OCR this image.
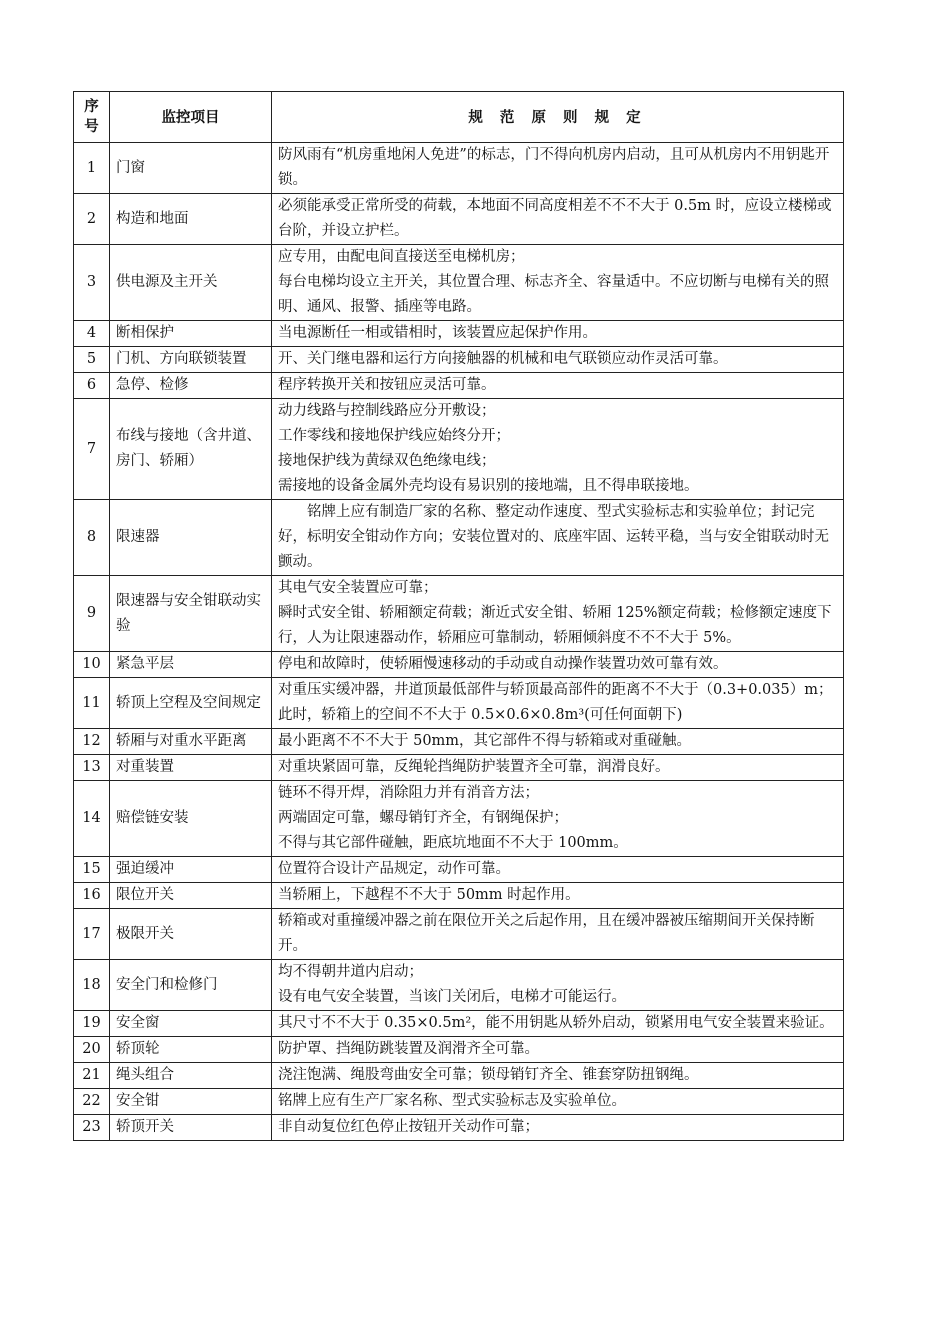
序号	监控项目	规 范 原 则 规 定
1	门窗	防风雨有“机房重地闲人免进”的标志，门不得向机房内启动，且可从机房内不用钥匙开锁。

2	构造和地面	必须能承受正常所受的荷载，本地面不同高度相差不不不大于 0.5m 时，应设立楼梯或台阶，并设立护栏。

3	供电源及主开关	应专用，由配电间直接送至电梯机房；
每台电梯均设立主开关，其位置合理、标志齐全、容量适中。不应切断与电梯有关的照明、通风、报警、插座等电路。

4	断相保护	当电源断任一相或错相时，该装置应起保护作用。

5	门机、方向联锁装置	开、关门继电器和运行方向接触器的机械和电气联锁应动作灵活可靠。

6	急停、检修	程序转换开关和按钮应灵活可靠。

7	布线与接地（含井道、房门、轿厢）	动力线路与控制线路应分开敷设；
工作零线和接地保护线应始终分开；
接地保护线为黄绿双色绝缘电线；
需接地的设备金属外壳均设有易识别的接地端，且不得串联接地。

8	限速器	铭牌上应有制造厂家的名称、整定动作速度、型式实验标志和实验单位；封记完好，标明安全钳动作方向；安装位置对的、底座牢固、运转平稳，当与安全钳联动时无颤动。

9	限速器与安全钳联动实验	其电气安全装置应可靠；
瞬时式安全钳、轿厢额定荷载；渐近式安全钳、轿厢 125%额定荷载；检修额定速度下行，人为让限速器动作，轿厢应可靠制动，轿厢倾斜度不不不大于 5%。

10	紧急平层	停电和故障时，使轿厢慢速移动的手动或自动操作装置功效可靠有效。

11	轿顶上空程及空间规定	对重压实缓冲器，井道顶最低部件与轿顶最高部件的距离不不大于（0.3+0.035）m；此时，轿箱上的空间不不大于 0.5×0.6×0.8m³(可任何面朝下)

12	轿厢与对重水平距离	最小距离不不不大于 50mm，其它部件不得与轿箱或对重碰触。

13	对重装置	对重块紧固可靠，反绳轮挡绳防护装置齐全可靠，润滑良好。

14	赔偿链安装	链环不得开焊，消除阻力并有消音方法；
两端固定可靠，螺母销钉齐全，有钢绳保护；
不得与其它部件碰触，距底坑地面不不大于 100mm。

15	强迫缓冲	位置符合设计产品规定，动作可靠。

16	限位开关	当轿厢上，下越程不不大于 50mm 时起作用。

17	极限开关	轿箱或对重撞缓冲器之前在限位开关之后起作用，且在缓冲器被压缩期间开关保持断开。

18	安全门和检修门	均不得朝井道内启动；
设有电气安全装置，当该门关闭后，电梯才可能运行。

19	安全窗	其尺寸不不大于 0.35×0.5m²，能不用钥匙从轿外启动，锁紧用电气安全装置来验证。

20	轿顶轮	防护罩、挡绳防跳装置及润滑齐全可靠。

21	绳头组合	浇注饱满、绳股弯曲安全可靠；锁母销钉齐全、锥套穿防扭钢绳。

22	安全钳	铭牌上应有生产厂家名称、型式实验标志及实验单位。

23	轿顶开关	非自动复位红色停止按钮开关动作可靠；
